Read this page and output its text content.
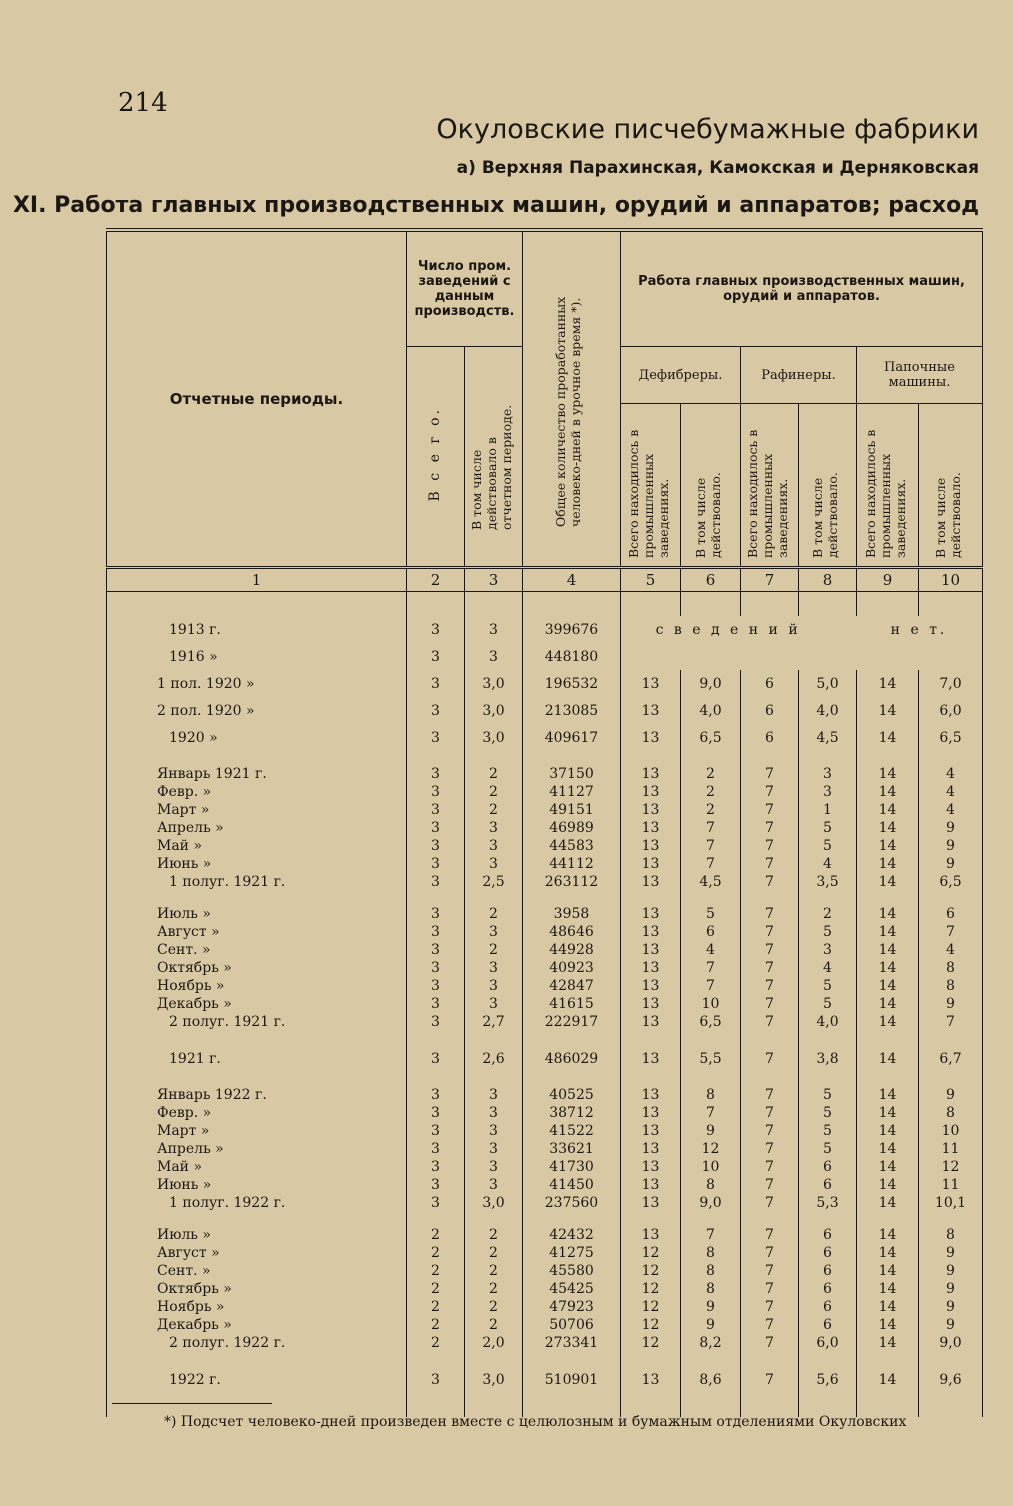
214
Окуловские писчебумажные фабрики
а) Верхняя Парахинская, Камокская и Дерняковская
XI. Работа главных производственных машин, орудий и аппаратов; расход
Отчетные периоды.	Число пром. заведений с данным производств.		Общее количество проработанных человеко-дней в урочное время *).	Работа главных производственных машин, орудий и аппаратов.					
	В с е г о.	В том числе действовало в отчетном периоде.		Дефибреры.		Рафинеры.		Папочные машины.	
				Всего находилось в промышленных заведениях.	В том числе действовало.	Всего находилось в промышленных заведениях.	В том числе действовало.	Всего находилось в промышленных заведениях.	В том числе действовало.
1	2	3	4	5	6	7	8	9	10

1913 г.	3	3	399676	с в е д е н и й н е т.					
1916 »	3	3	448180						
1 пол. 1920 »	3	3,0	196532	13	9,0	6	5,0	14	7,0
2 пол. 1920 »	3	3,0	213085	13	4,0	6	4,0	14	6,0
1920 »	3	3,0	409617	13	6,5	6	4,5	14	6,5

Январь 1921 г.	3	2	37150	13	2	7	3	14	4
Февр. »	3	2	41127	13	2	7	3	14	4
Март »	3	2	49151	13	2	7	1	14	4
Апрель »	3	3	46989	13	7	7	5	14	9
Май »	3	3	44583	13	7	7	5	14	9
Июнь »	3	3	44112	13	7	7	4	14	9
1 полуг. 1921 г.	3	2,5	263112	13	4,5	7	3,5	14	6,5

Июль »	3	2	3958	13	5	7	2	14	6
Август »	3	3	48646	13	6	7	5	14	7
Сент. »	3	2	44928	13	4	7	3	14	4
Октябрь »	3	3	40923	13	7	7	4	14	8
Ноябрь »	3	3	42847	13	7	7	5	14	8
Декабрь »	3	3	41615	13	10	7	5	14	9
2 полуг. 1921 г.	3	2,7	222917	13	6,5	7	4,0	14	7

1921 г.	3	2,6	486029	13	5,5	7	3,8	14	6,7

Январь 1922 г.	3	3	40525	13	8	7	5	14	9
Февр. »	3	3	38712	13	7	7	5	14	8
Март »	3	3	41522	13	9	7	5	14	10
Апрель »	3	3	33621	13	12	7	5	14	11
Май »	3	3	41730	13	10	7	6	14	12
Июнь »	3	3	41450	13	8	7	6	14	11
1 полуг. 1922 г.	3	3,0	237560	13	9,0	7	5,3	14	10,1

Июль »	2	2	42432	13	7	7	6	14	8
Август »	2	2	41275	12	8	7	6	14	9
Сент. »	2	2	45580	12	8	7	6	14	9
Октябрь »	2	2	45425	12	8	7	6	14	9
Ноябрь »	2	2	47923	12	9	7	6	14	9
Декабрь »	2	2	50706	12	9	7	6	14	9
2 полуг. 1922 г.	2	2,0	273341	12	8,2	7	6,0	14	9,0

1922 г.	3	3,0	510901	13	8,6	7	5,6	14	9,6

*) Подсчет человеко-дней произведен вместе с целюлозным и бумажным отделениями Окуловских
